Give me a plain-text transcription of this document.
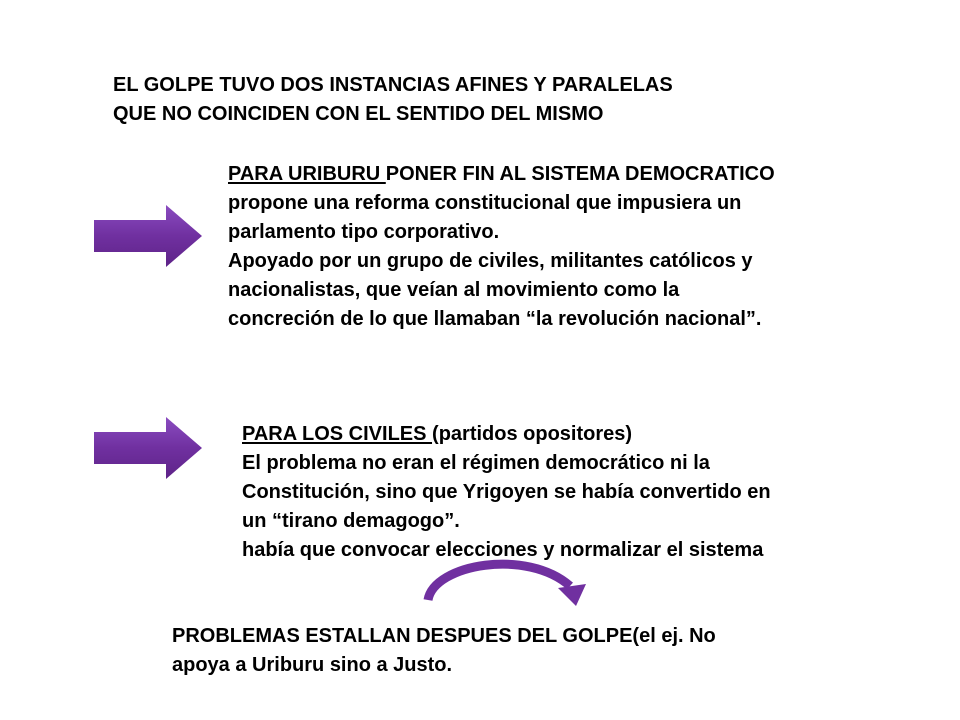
EL GOLPE TUVO DOS INSTANCIAS AFINES Y PARALELAS
QUE NO COINCIDEN CON EL SENTIDO DEL MISMO
PARA URIBURU PONER FIN AL SISTEMA DEMOCRATICO
propone una reforma constitucional que impusiera un
parlamento tipo corporativo.
Apoyado por un grupo de civiles, militantes católicos y
nacionalistas, que veían al movimiento como la
concreción de lo que llamaban “la revolución nacional”.
PARA LOS CIVILES (partidos opositores)
El problema no eran el régimen democrático ni la
Constitución, sino que Yrigoyen se había convertido en
un “tirano demagogo”.
había que convocar elecciones y normalizar el sistema
PROBLEMAS ESTALLAN DESPUES DEL GOLPE(el ej. No
apoya a Uriburu sino a Justo.
